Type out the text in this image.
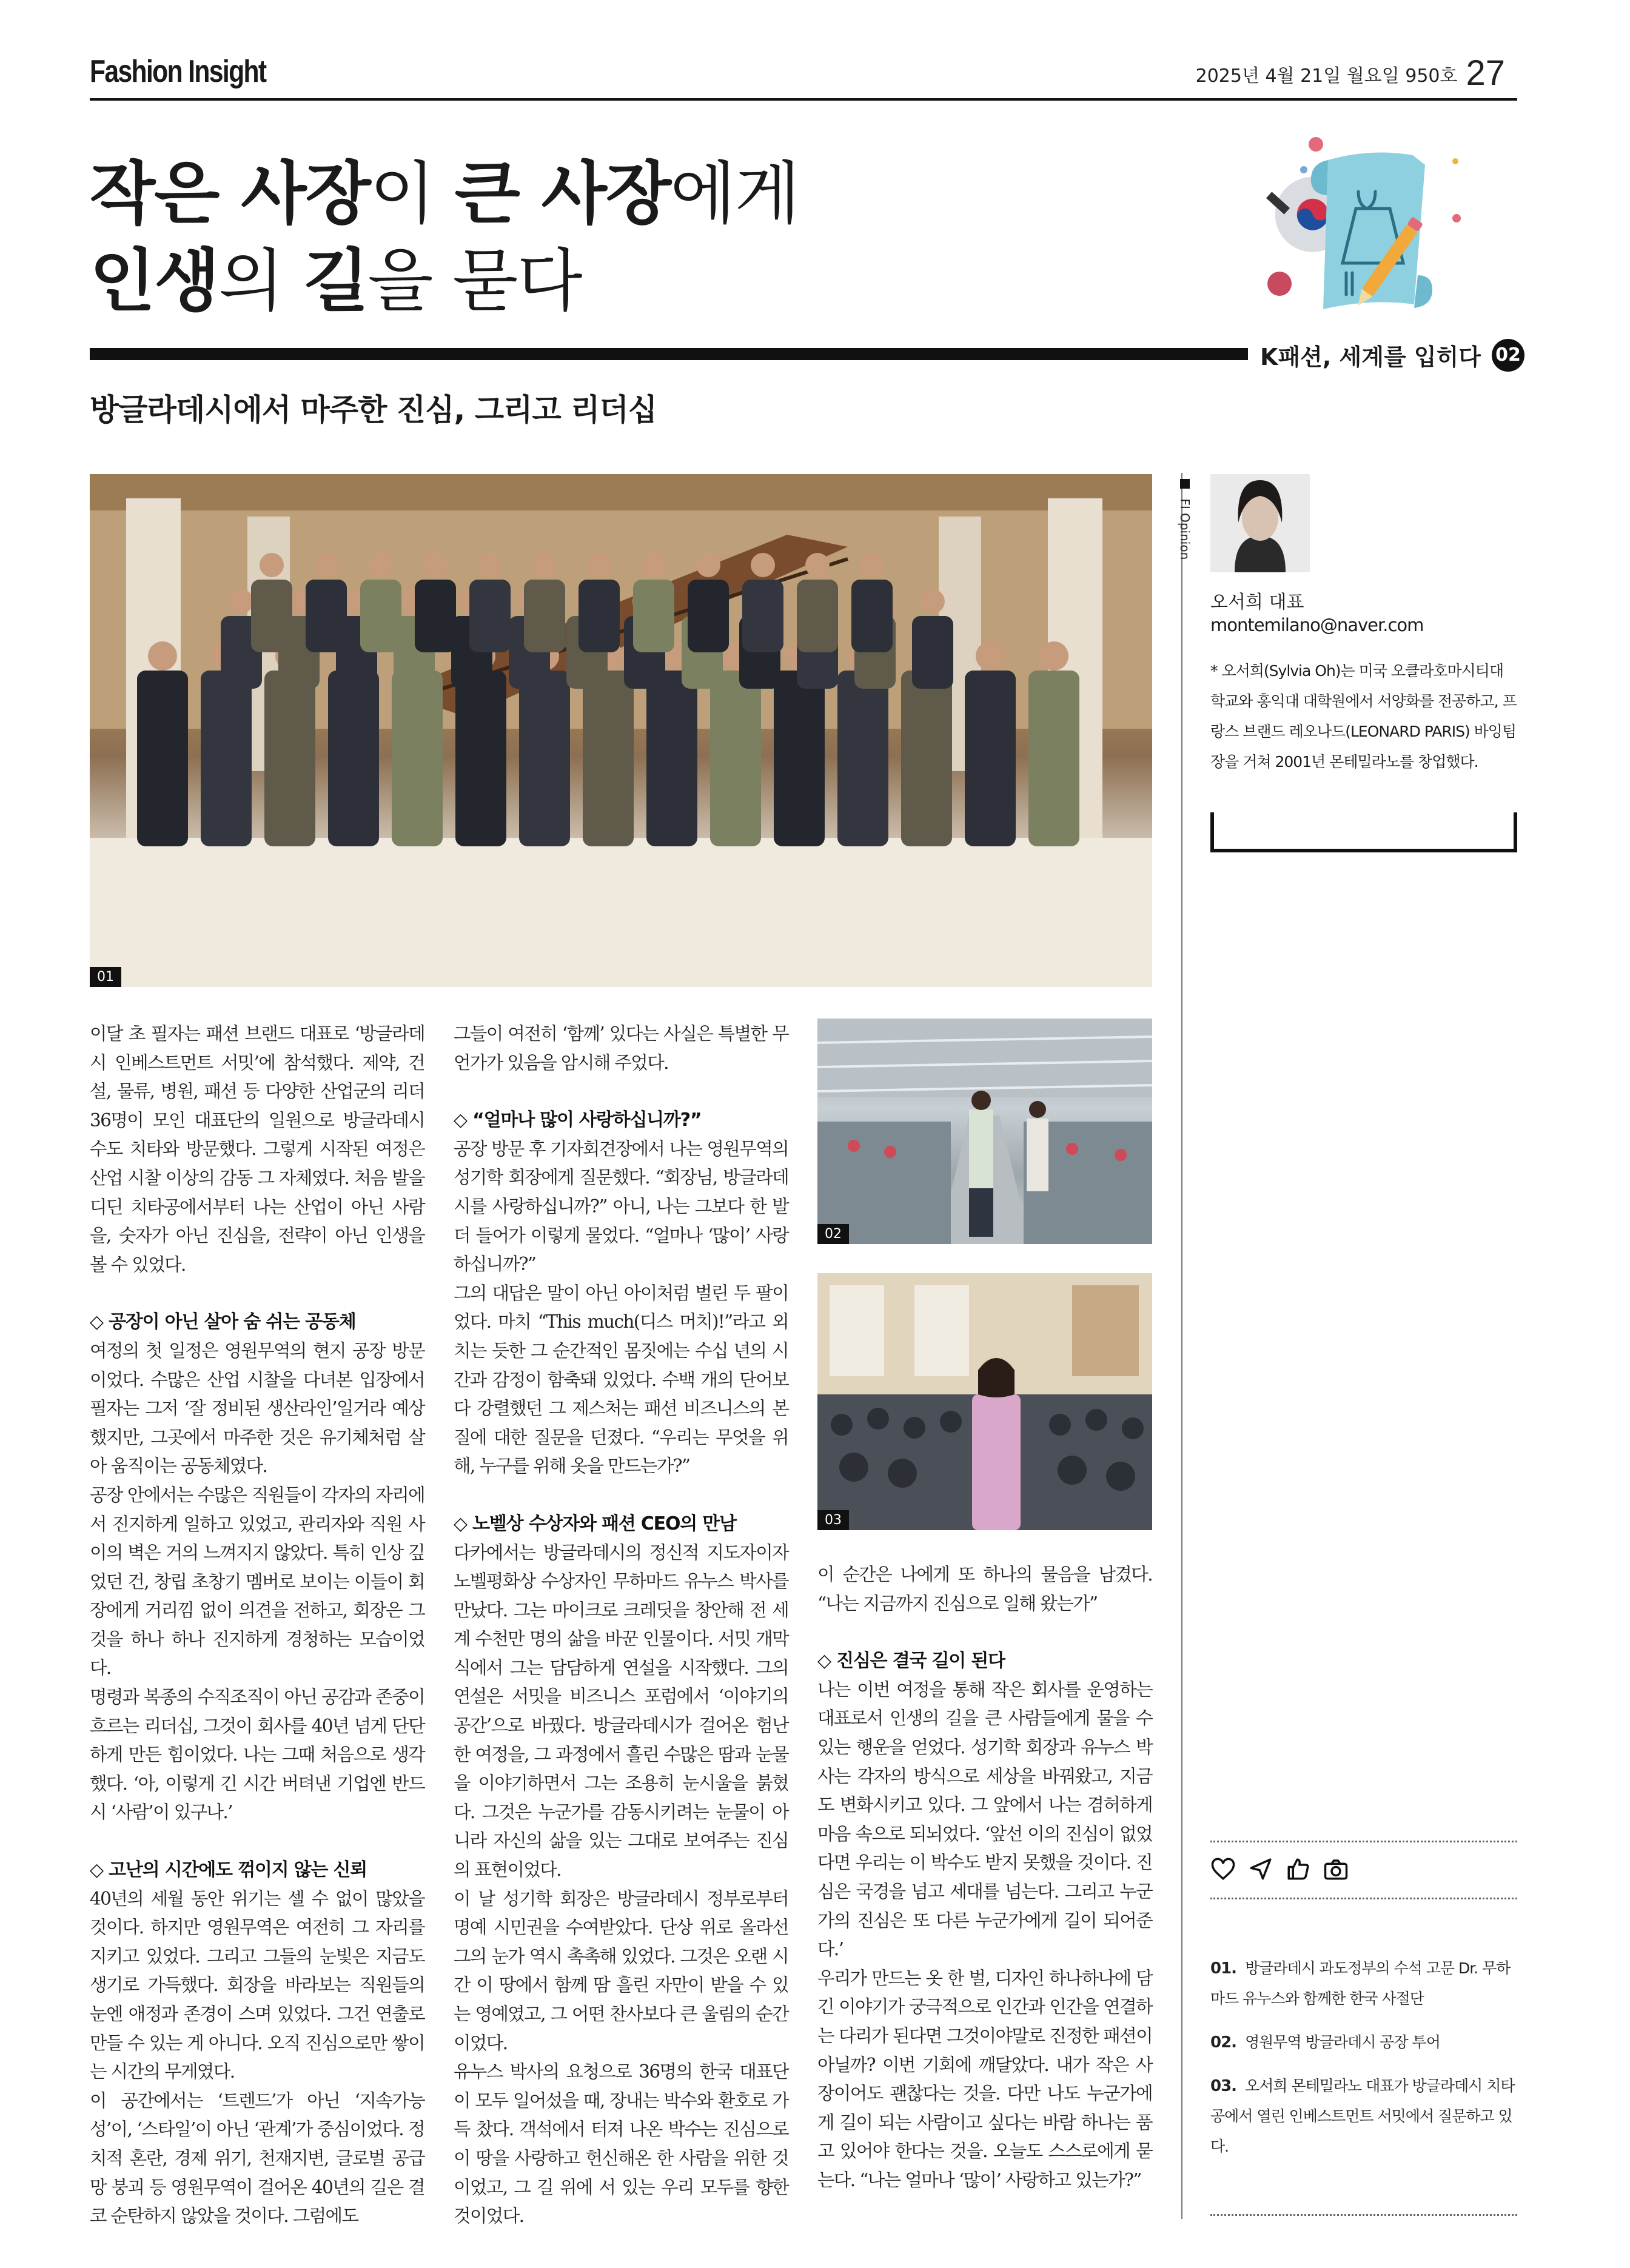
Fashion Insight	2025년 4월 21일 월요일 950호 27
작은 사장이 큰 사장에게
인생의 길을 묻다
K패션, 세계를 입히다 02
방글라데시에서 마주한 진심, 그리고 리더십
01
02
03

이달 초 필자는 패션 브랜드 대표로 ‘방글라데시 인베스트먼트 서밋’에 참석했다. 제약, 건설, 물류, 병원, 패션 등 다양한 산업군의 리더 36명이 모인 대표단의 일원으로 방글라데시 수도 치타와 방문했다. 그렇게 시작된 여정은 산업 시찰 이상의 감동 그 자체였다. 처음 발을 디딘 치타공에서부터 나는 산업이 아닌 사람을, 숫자가 아닌 진심을, 전략이 아닌 인생을 볼 수 있었다.

◇ 공장이 아닌 살아 숨 쉬는 공동체

여정의 첫 일정은 영원무역의 현지 공장 방문이었다. 수많은 산업 시찰을 다녀본 입장에서 필자는 그저 ‘잘 정비된 생산라인’일거라 예상했지만, 그곳에서 마주한 것은 유기체처럼 살아 움직이는 공동체였다.

공장 안에서는 수많은 직원들이 각자의 자리에서 진지하게 일하고 있었고, 관리자와 직원 사이의 벽은 거의 느껴지지 않았다. 특히 인상 깊었던 건, 창립 초창기 멤버로 보이는 이들이 회장에게 거리낌 없이 의견을 전하고, 회장은 그것을 하나 하나 진지하게 경청하는 모습이었다.

명령과 복종의 수직조직이 아닌 공감과 존중이 흐르는 리더십, 그것이 회사를 40년 넘게 단단하게 만든 힘이었다. 나는 그때 처음으로 생각했다. ‘아, 이렇게 긴 시간 버텨낸 기업엔 반드시 ‘사람’이 있구나.’

◇ 고난의 시간에도 꺾이지 않는 신뢰

40년의 세월 동안 위기는 셀 수 없이 많았을 것이다. 하지만 영원무역은 여전히 그 자리를 지키고 있었다. 그리고 그들의 눈빛은 지금도 생기로 가득했다. 회장을 바라보는 직원들의 눈엔 애정과 존경이 스며 있었다. 그건 연출로 만들 수 있는 게 아니다. 오직 진심으로만 쌓이는 시간의 무게였다.

이 공간에서는 ‘트렌드’가 아닌 ‘지속가능성’이, ‘스타일’이 아닌 ‘관계’가 중심이었다. 정치적 혼란, 경제 위기, 천재지변, 글로벌 공급망 붕괴 등 영원무역이 걸어온 40년의 길은 결코 순탄하지 않았을 것이다. 그럼에도

그들이 여전히 ‘함께’ 있다는 사실은 특별한 무언가가 있음을 암시해 주었다.

◇ “얼마나 많이 사랑하십니까?”

공장 방문 후 기자회견장에서 나는 영원무역의 성기학 회장에게 질문했다. “회장님, 방글라데시를 사랑하십니까?” 아니, 나는 그보다 한 발 더 들어가 이렇게 물었다. “얼마나 ‘많이’ 사랑하십니까?”

그의 대답은 말이 아닌 아이처럼 벌린 두 팔이었다. 마치 “This much(디스 머치)!”라고 외치는 듯한 그 순간적인 몸짓에는 수십 년의 시간과 감정이 함축돼 있었다. 수백 개의 단어보다 강렬했던 그 제스처는 패션 비즈니스의 본질에 대한 질문을 던졌다. “우리는 무엇을 위해, 누구를 위해 옷을 만드는가?”

◇ 노벨상 수상자와 패션 CEO의 만남

다카에서는 방글라데시의 정신적 지도자이자 노벨평화상 수상자인 무하마드 유누스 박사를 만났다. 그는 마이크로 크레딧을 창안해 전 세계 수천만 명의 삶을 바꾼 인물이다. 서밋 개막식에서 그는 담담하게 연설을 시작했다. 그의 연설은 서밋을 비즈니스 포럼에서 ‘이야기의 공간’으로 바꿨다. 방글라데시가 걸어온 험난한 여정을, 그 과정에서 흘린 수많은 땀과 눈물을 이야기하면서 그는 조용히 눈시울을 붉혔다. 그것은 누군가를 감동시키려는 눈물이 아니라 자신의 삶을 있는 그대로 보여주는 진심의 표현이었다.

이 날 성기학 회장은 방글라데시 정부로부터 명예 시민권을 수여받았다. 단상 위로 올라선 그의 눈가 역시 촉촉해 있었다. 그것은 오랜 시간 이 땅에서 함께 땀 흘린 자만이 받을 수 있는 영예였고, 그 어떤 찬사보다 큰 울림의 순간이었다.

유누스 박사의 요청으로 36명의 한국 대표단이 모두 일어섰을 때, 장내는 박수와 환호로 가득 찼다. 객석에서 터져 나온 박수는 진심으로 이 땅을 사랑하고 헌신해온 한 사람을 위한 것이었고, 그 길 위에 서 있는 우리 모두를 향한 것이었다.

이 순간은 나에게 또 하나의 물음을 남겼다. “나는 지금까지 진심으로 일해 왔는가”

◇ 진심은 결국 길이 된다

나는 이번 여정을 통해 작은 회사를 운영하는 대표로서 인생의 길을 큰 사람들에게 물을 수 있는 행운을 얻었다. 성기학 회장과 유누스 박사는 각자의 방식으로 세상을 바꿔왔고, 지금도 변화시키고 있다. 그 앞에서 나는 겸허하게 마음 속으로 되뇌었다. ‘앞선 이의 진심이 없었다면 우리는 이 박수도 받지 못했을 것이다. 진심은 국경을 넘고 세대를 넘는다. 그리고 누군가의 진심은 또 다른 누군가에게 길이 되어준다.’

우리가 만드는 옷 한 벌, 디자인 하나하나에 담긴 이야기가 궁극적으로 인간과 인간을 연결하는 다리가 된다면 그것이야말로 진정한 패션이 아닐까? 이번 기회에 깨달았다. 내가 작은 사장이어도 괜찮다는 것을. 다만 나도 누군가에게 길이 되는 사람이고 싶다는 바람 하나는 품고 있어야 한다는 것을. 오늘도 스스로에게 묻는다. “나는 얼마나 ‘많이’ 사랑하고 있는가?”

FI Opinion
오서희 대표
montemilano@naver.com
* 오서희(Sylvia Oh)는 미국 오클라호마시티대학교와 홍익대 대학원에서 서양화를 전공하고, 프랑스 브랜드 레오나드(LEONARD PARIS) 바잉팀장을 거쳐 2001년 몬테밀라노를 창업했다.
01. 방글라데시 과도정부의 수석 고문 Dr. 무하마드 유누스와 함께한 한국 사절단
02. 영원무역 방글라데시 공장 투어
03. 오서희 몬테밀라노 대표가 방글라데시 치타공에서 열린 인베스트먼트 서밋에서 질문하고 있다.
